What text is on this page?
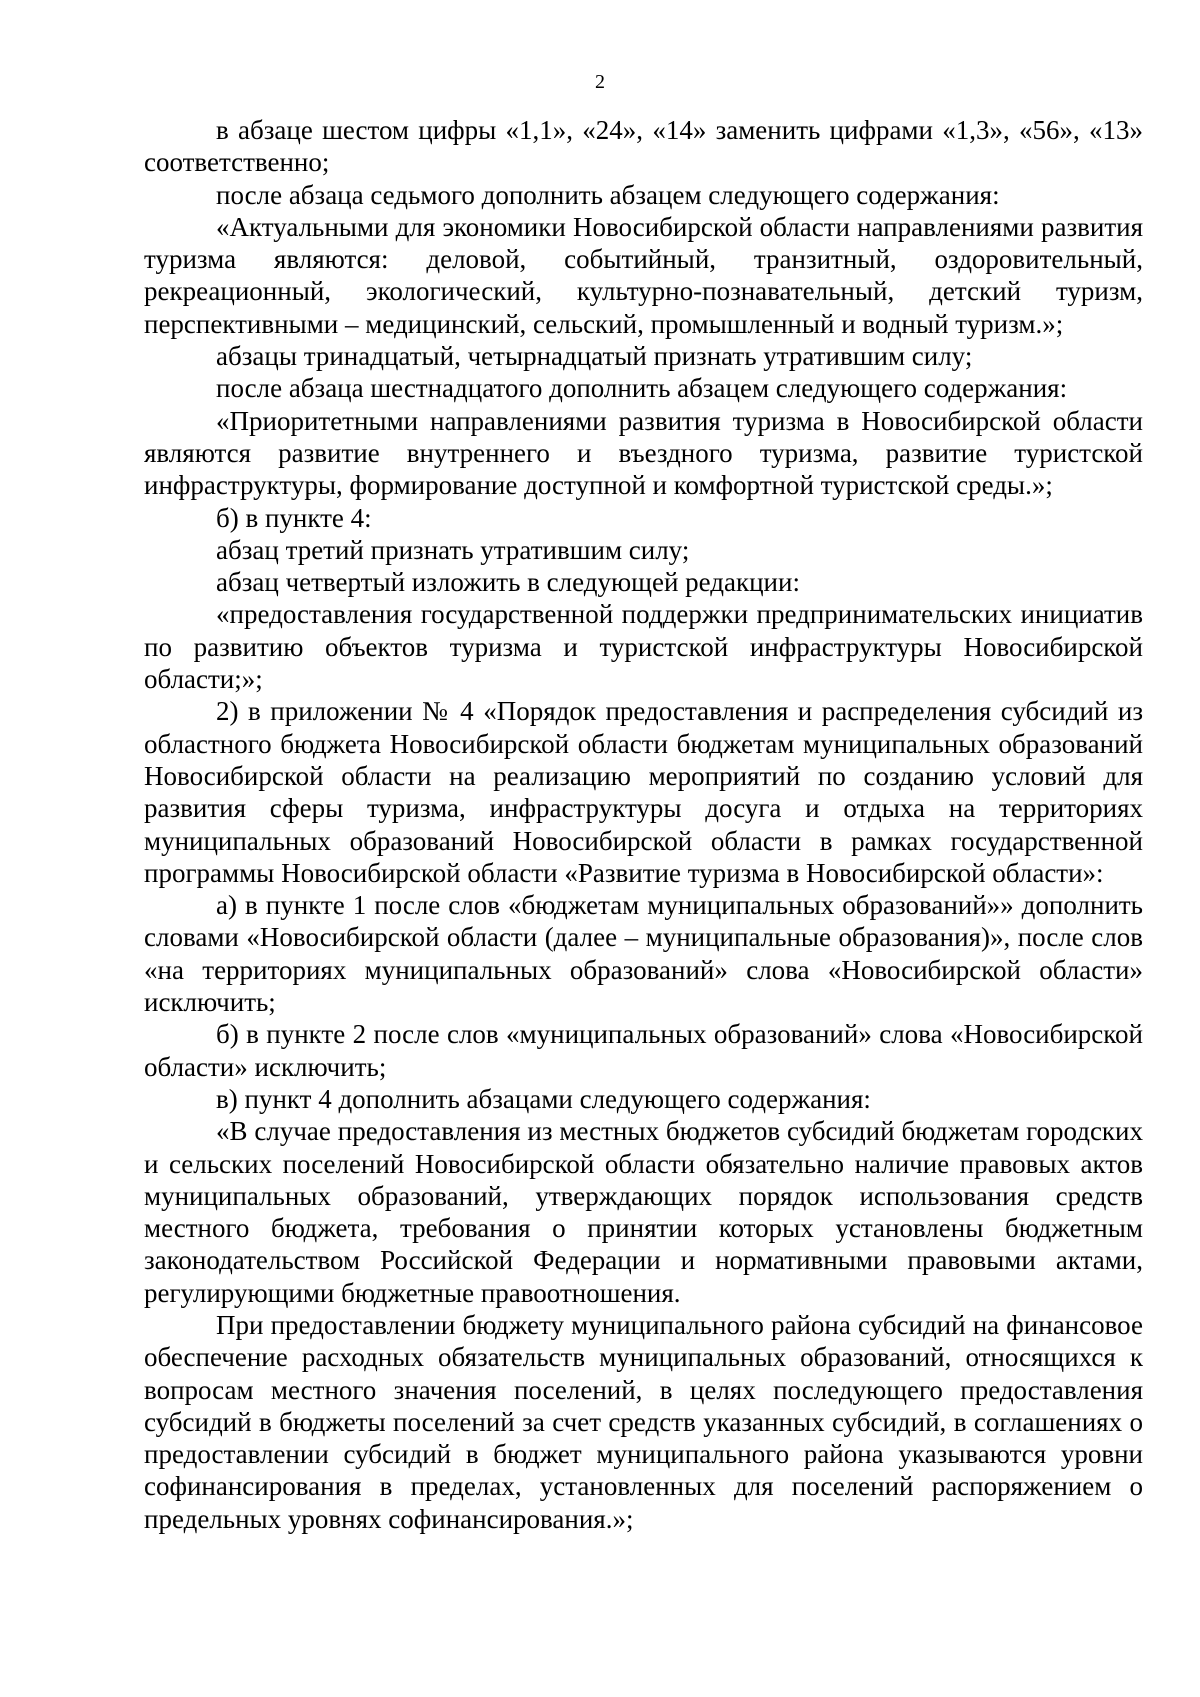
2

в абзаце шестом цифры «1,1», «24», «14» заменить цифрами «1,3», «56», «13» соответственно;

после абзаца седьмого дополнить абзацем следующего содержания:

«Актуальными для экономики Новосибирской области направлениями развития туризма являются: деловой, событийный, транзитный, оздоровительный, рекреационный, экологический, культурно-познавательный, детский туризм, перспективными – медицинский, сельский, промышленный и водный туризм.»;

абзацы тринадцатый, четырнадцатый признать утратившим силу;

после абзаца шестнадцатого дополнить абзацем следующего содержания:

«Приоритетными направлениями развития туризма в Новосибирской области являются развитие внутреннего и въездного туризма, развитие туристской инфраструктуры, формирование доступной и комфортной туристской среды.»;

б) в пункте 4:

абзац третий признать утратившим силу;

абзац четвертый изложить в следующей редакции:

«предоставления государственной поддержки предпринимательских инициатив по развитию объектов туризма и туристской инфраструктуры Новосибирской области;»;

2) в приложении № 4 «Порядок предоставления и распределения субсидий из областного бюджета Новосибирской области бюджетам муниципальных образований Новосибирской области на реализацию мероприятий по созданию условий для развития сферы туризма, инфраструктуры досуга и отдыха на территориях муниципальных образований Новосибирской области в рамках государственной программы Новосибирской области «Развитие туризма в Новосибирской области»:

а) в пункте 1 после слов «бюджетам муниципальных образований»» дополнить словами «Новосибирской области (далее – муниципальные образования)», после слов «на территориях муниципальных образований» слова «Новосибирской области» исключить;

б) в пункте 2 после слов «муниципальных образований» слова «Новосибирской области» исключить;

в) пункт 4 дополнить абзацами следующего содержания:

«В случае предоставления из местных бюджетов субсидий бюджетам городских и сельских поселений Новосибирской области обязательно наличие правовых актов муниципальных образований, утверждающих порядок использования средств местного бюджета, требования о принятии которых установлены бюджетным законодательством Российской Федерации и нормативными правовыми актами, регулирующими бюджетные правоотношения.

При предоставлении бюджету муниципального района субсидий на финансовое обеспечение расходных обязательств муниципальных образований, относящихся к вопросам местного значения поселений, в целях последующего предоставления субсидий в бюджеты поселений за счет средств указанных субсидий, в соглашениях о предоставлении субсидий в бюджет муниципального района указываются уровни софинансирования в пределах, установленных для поселений распоряжением о предельных уровнях софинансирования.»;
